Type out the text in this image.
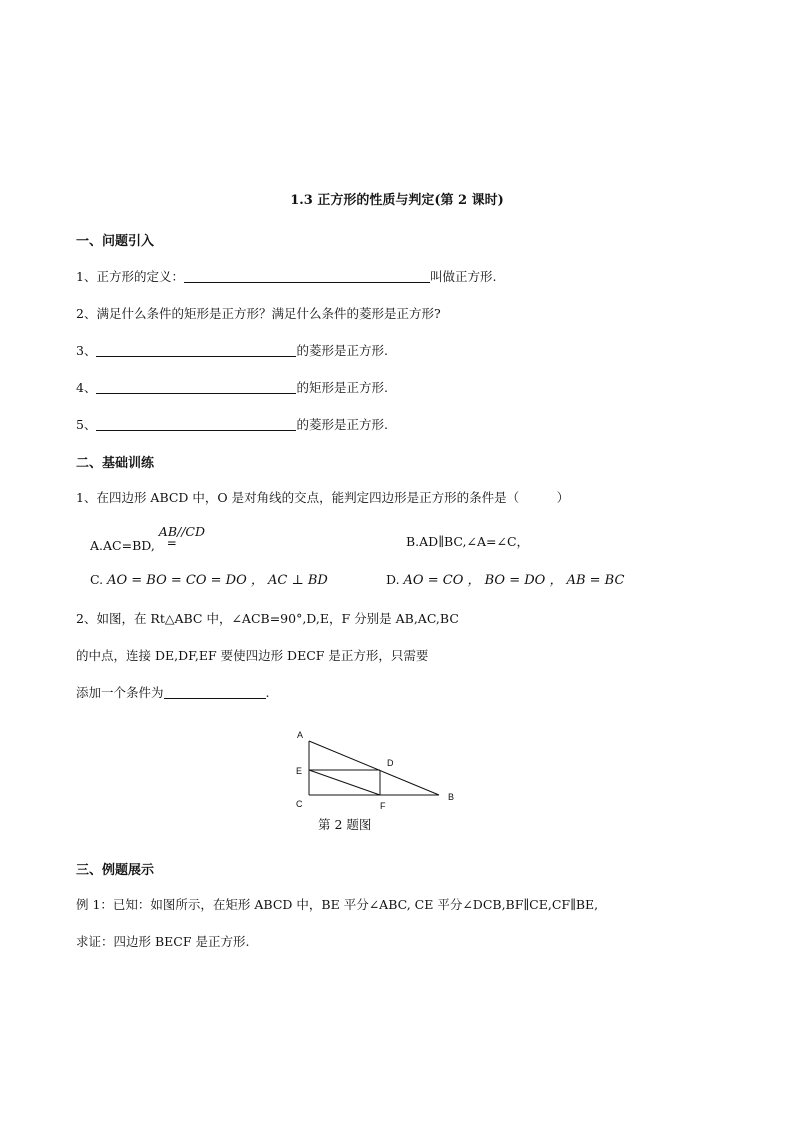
1.3 正方形的性质与判定(第 2 课时)
一、问题引入
1、正方形的定义：	叫做正方形.
2、满足什么条件的矩形是正方形？满足什么条件的菱形是正方形?
3、	的菱形是正方形.
4、	的矩形是正方形.
5、	的菱形是正方形.
二、基础训练
1、在四边形 ABCD 中，O 是对角线的交点，能判定四边形是正方形的条件是（　　　）
A.AC=BD,
AB//CD
=	B.AD∥BC,∠A=∠C，
C. AO = BO = CO = DO ， AC ⊥ BD	D. AO = CO ， BO = DO ， AB = BC
2、如图，在 Rt△ABC 中，∠ACB=90°,D,E，F 分别是 AB,AC,BC
的中点，连接 DE,DF,EF 要使四边形 DECF 是正方形，只需要
添加一个条件为	.
A
E
C
D
F
B
第 2 题图
三、例题展示
例 1：已知：如图所示，在矩形 ABCD 中，BE 平分∠ABC, CE 平分∠DCB,BF∥CE,CF∥BE,
求证：四边形 BECF 是正方形.
